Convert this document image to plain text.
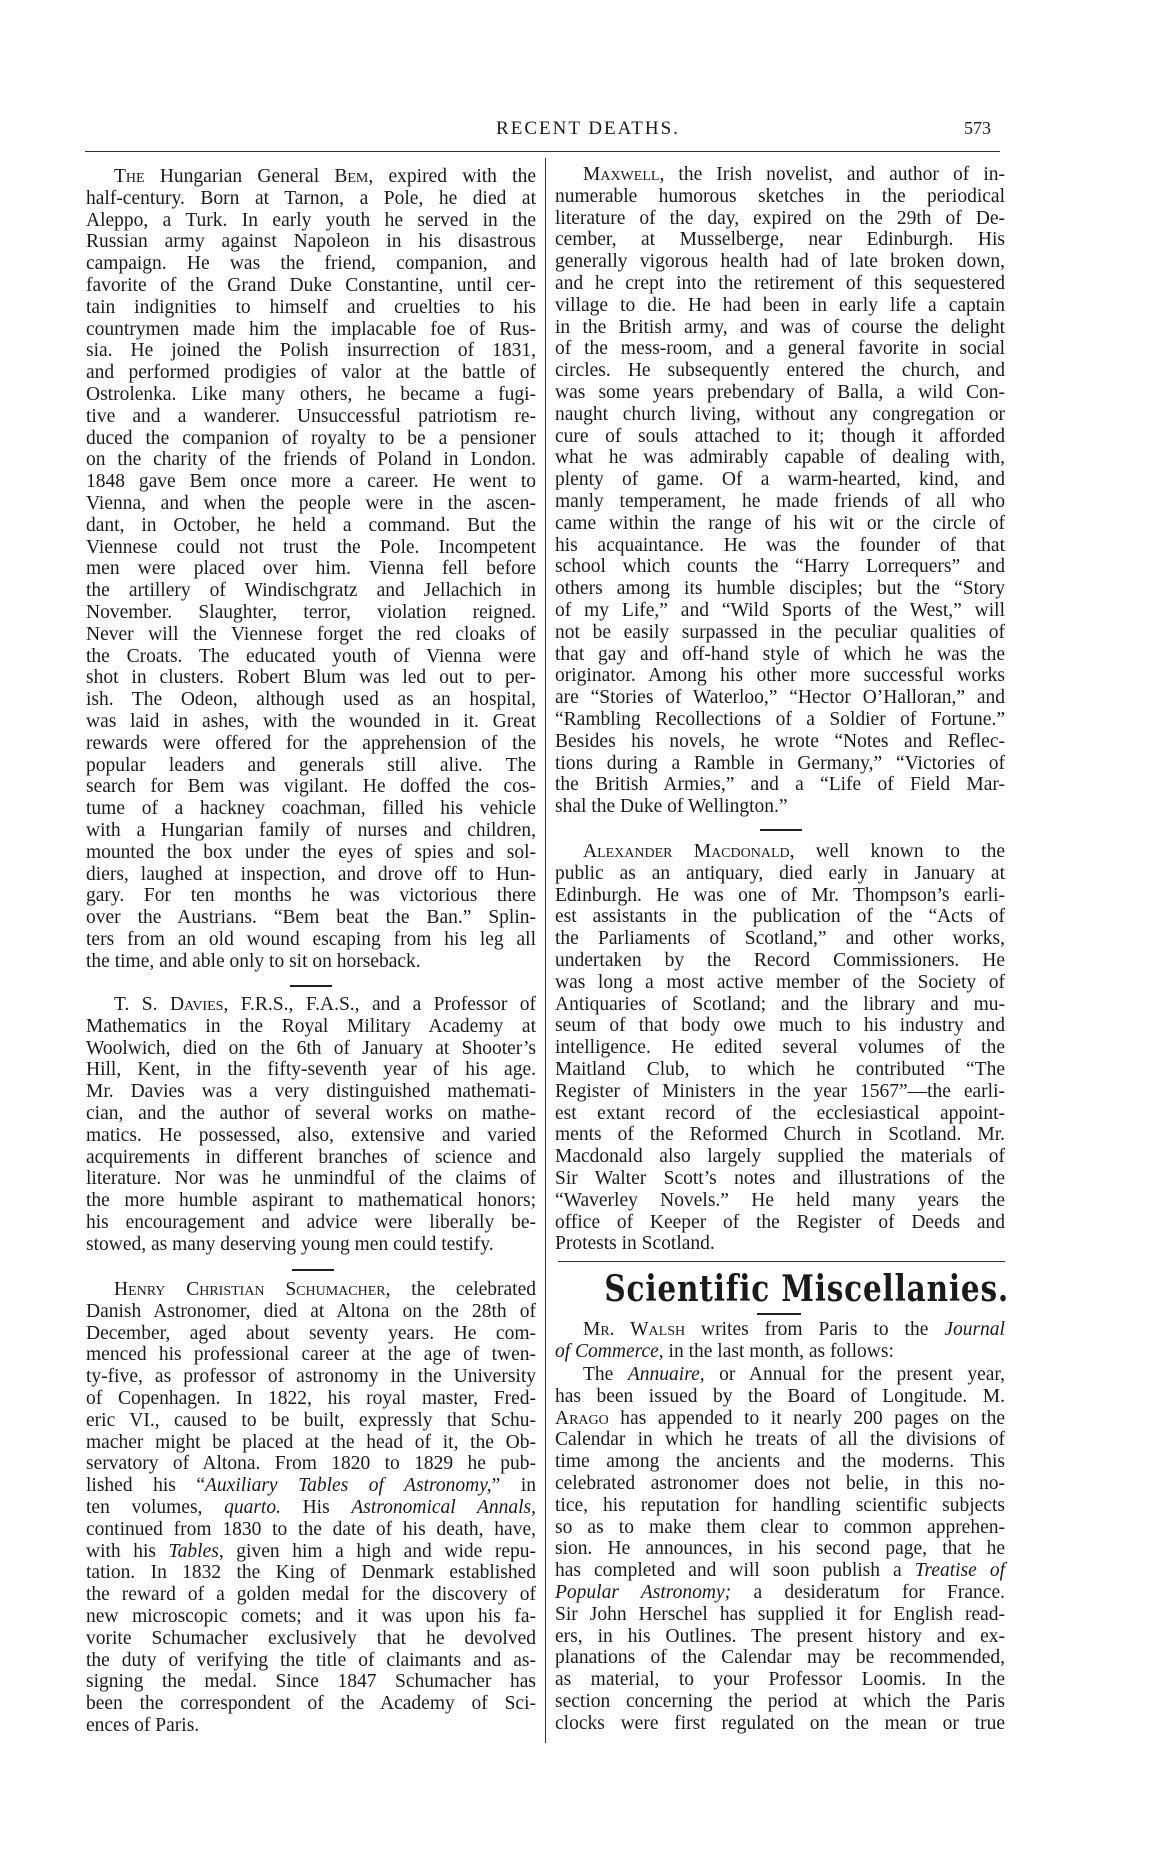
RECENT DEATHS.	573
The Hungarian General Bem, expired with the
half-century. Born at Tarnon, a Pole, he died at
Aleppo, a Turk. In early youth he served in the
Russian army against Napoleon in his disastrous
campaign. He was the friend, companion, and
favorite of the Grand Duke Constantine, until cer-
tain indignities to himself and cruelties to his
countrymen made him the implacable foe of Rus-
sia. He joined the Polish insurrection of 1831,
and performed prodigies of valor at the battle of
Ostrolenka. Like many others, he became a fugi-
tive and a wanderer. Unsuccessful patriotism re-
duced the companion of royalty to be a pensioner
on the charity of the friends of Poland in London.
1848 gave Bem once more a career. He went to
Vienna, and when the people were in the ascen-
dant, in October, he held a command. But the
Viennese could not trust the Pole. Incompetent
men were placed over him. Vienna fell before
the artillery of Windischgratz and Jellachich in
November. Slaughter, terror, violation reigned.
Never will the Viennese forget the red cloaks of
the Croats. The educated youth of Vienna were
shot in clusters. Robert Blum was led out to per-
ish. The Odeon, although used as an hospital,
was laid in ashes, with the wounded in it. Great
rewards were offered for the apprehension of the
popular leaders and generals still alive. The
search for Bem was vigilant. He doffed the cos-
tume of a hackney coachman, filled his vehicle
with a Hungarian family of nurses and children,
mounted the box under the eyes of spies and sol-
diers, laughed at inspection, and drove off to Hun-
gary. For ten months he was victorious there
over the Austrians. “Bem beat the Ban.” Splin-
ters from an old wound escaping from his leg all
the time, and able only to sit on horseback.
T. S. Davies, F.R.S., F.A.S., and a Professor of
Mathematics in the Royal Military Academy at
Woolwich, died on the 6th of January at Shooter’s
Hill, Kent, in the fifty-seventh year of his age.
Mr. Davies was a very distinguished mathemati-
cian, and the author of several works on mathe-
matics. He possessed, also, extensive and varied
acquirements in different branches of science and
literature. Nor was he unmindful of the claims of
the more humble aspirant to mathematical honors;
his encouragement and advice were liberally be-
stowed, as many deserving young men could testify.
Henry Christian Schumacher, the celebrated
Danish Astronomer, died at Altona on the 28th of
December, aged about seventy years. He com-
menced his professional career at the age of twen-
ty-five, as professor of astronomy in the University
of Copenhagen. In 1822, his royal master, Fred-
eric VI., caused to be built, expressly that Schu-
macher might be placed at the head of it, the Ob-
servatory of Altona. From 1820 to 1829 he pub-
lished his “Auxiliary Tables of Astronomy,” in
ten volumes, quarto. His Astronomical Annals,
continued from 1830 to the date of his death, have,
with his Tables, given him a high and wide repu-
tation. In 1832 the King of Denmark established
the reward of a golden medal for the discovery of
new microscopic comets; and it was upon his fa-
vorite Schumacher exclusively that he devolved
the duty of verifying the title of claimants and as-
signing the medal. Since 1847 Schumacher has
been the correspondent of the Academy of Sci-
ences of Paris.
Maxwell, the Irish novelist, and author of in-
numerable humorous sketches in the periodical
literature of the day, expired on the 29th of De-
cember, at Musselberge, near Edinburgh. His
generally vigorous health had of late broken down,
and he crept into the retirement of this sequestered
village to die. He had been in early life a captain
in the British army, and was of course the delight
of the mess-room, and a general favorite in social
circles. He subsequently entered the church, and
was some years prebendary of Balla, a wild Con-
naught church living, without any congregation or
cure of souls attached to it; though it afforded
what he was admirably capable of dealing with,
plenty of game. Of a warm-hearted, kind, and
manly temperament, he made friends of all who
came within the range of his wit or the circle of
his acquaintance. He was the founder of that
school which counts the “Harry Lorrequers” and
others among its humble disciples; but the “Story
of my Life,” and “Wild Sports of the West,” will
not be easily surpassed in the peculiar qualities of
that gay and off-hand style of which he was the
originator. Among his other more successful works
are “Stories of Waterloo,” “Hector O’Halloran,” and
“Rambling Recollections of a Soldier of Fortune.”
Besides his novels, he wrote “Notes and Reflec-
tions during a Ramble in Germany,” “Victories of
the British Armies,” and a “Life of Field Mar-
shal the Duke of Wellington.”
Alexander Macdonald, well known to the
public as an antiquary, died early in January at
Edinburgh. He was one of Mr. Thompson’s earli-
est assistants in the publication of the “Acts of
the Parliaments of Scotland,” and other works,
undertaken by the Record Commissioners. He
was long a most active member of the Society of
Antiquaries of Scotland; and the library and mu-
seum of that body owe much to his industry and
intelligence. He edited several volumes of the
Maitland Club, to which he contributed “The
Register of Ministers in the year 1567”—the earli-
est extant record of the ecclesiastical appoint-
ments of the Reformed Church in Scotland. Mr.
Macdonald also largely supplied the materials of
Sir Walter Scott’s notes and illustrations of the
“Waverley Novels.” He held many years the
office of Keeper of the Register of Deeds and
Protests in Scotland.
Scientific Miscellanies.
Mr. Walsh writes from Paris to the Journal
of Commerce, in the last month, as follows:
The Annuaire, or Annual for the present year,
has been issued by the Board of Longitude. M.
Arago has appended to it nearly 200 pages on the
Calendar in which he treats of all the divisions of
time among the ancients and the moderns. This
celebrated astronomer does not belie, in this no-
tice, his reputation for handling scientific subjects
so as to make them clear to common apprehen-
sion. He announces, in his second page, that he
has completed and will soon publish a Treatise of
Popular Astronomy; a desideratum for France.
Sir John Herschel has supplied it for English read-
ers, in his Outlines. The present history and ex-
planations of the Calendar may be recommended,
as material, to your Professor Loomis. In the
section concerning the period at which the Paris
clocks were first regulated on the mean or true
